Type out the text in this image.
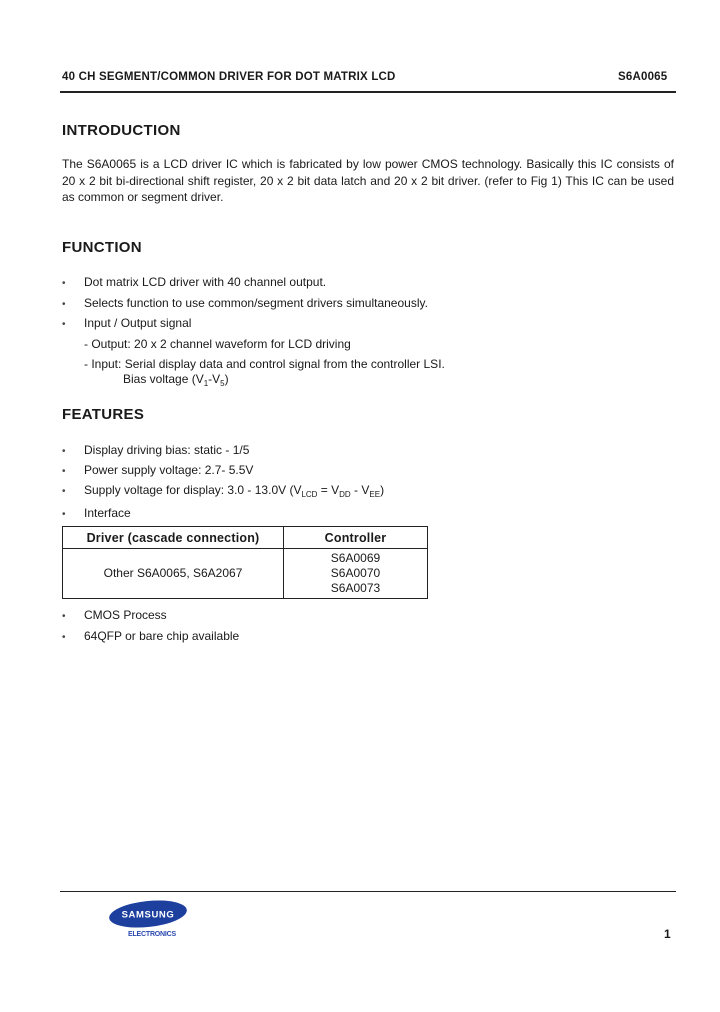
40 CH SEGMENT/COMMON DRIVER FOR DOT MATRIX LCD	S6A0065
INTRODUCTION
The S6A0065 is a LCD driver IC which is fabricated by low power CMOS technology. Basically this IC consists of 20 x 2 bit bi-directional shift register, 20 x 2 bit data latch and 20 x 2 bit driver. (refer to Fig 1) This IC can be used as common or segment driver.
FUNCTION
• Dot matrix LCD driver with 40 channel output.
• Selects function to use common/segment drivers simultaneously.
• Input / Output signal
- Output: 20 x 2 channel waveform for LCD driving
- Input: Serial display data and control signal from the controller LSI.
Bias voltage $(V_1-V_5)$
FEATURES
• Display driving bias: static - 1/5
• Power supply voltage: 2.7- 5.5V
• Supply voltage for display: 3.0 - 13.0V $(V_{LCD} = V_{DD} - V_{EE})$
• Interface
Driver (cascade connection)	Controller
Other S6A0065, S6A2067	S6A0069
S6A0070
S6A0073
• CMOS Process
• 64QFP or bare chip available
SAMSUNG
ELECTRONICS	1
